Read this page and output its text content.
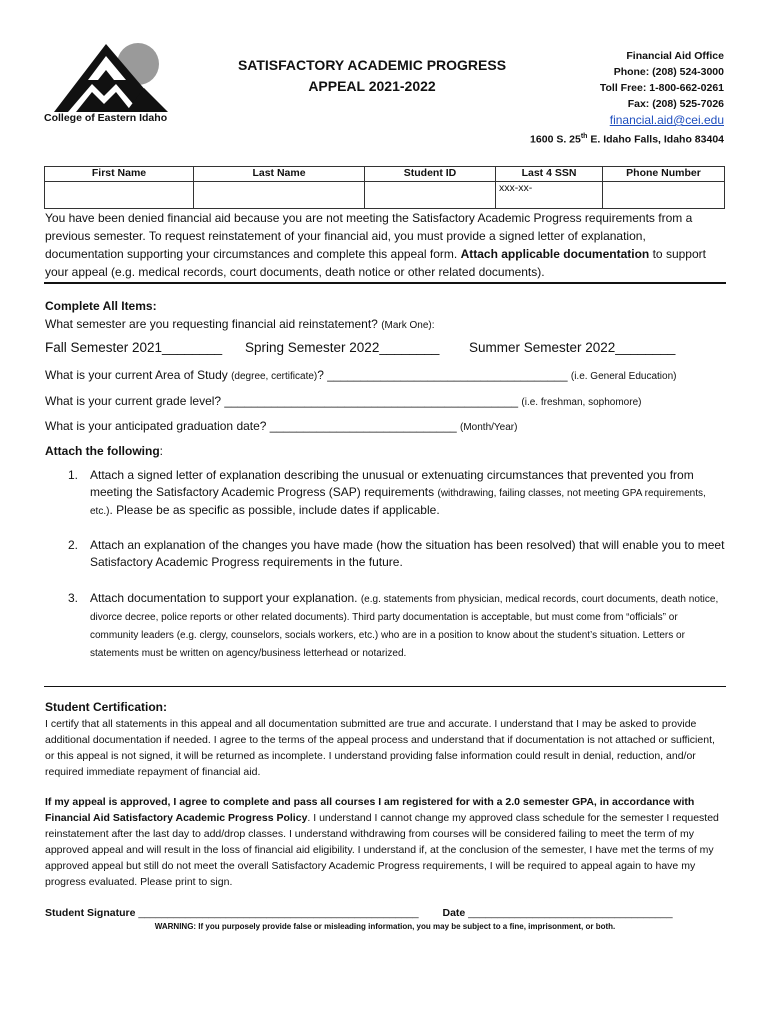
College of Eastern Idaho
SATISFACTORY ACADEMIC PROGRESS
APPEAL 2021-2022
Financial Aid Office
Phone: (208) 524-3000
Toll Free: 1-800-662-0261
Fax: (208) 525-7026
financial.aid@cei.edu
1600 S. 25th E. Idaho Falls, Idaho 83404
First Name	Last Name	Student ID	Last 4 SSN	Phone Number
			xxx-xx-	
You have been denied financial aid because you are not meeting the Satisfactory Academic Progress requirements from a previous semester. To request reinstatement of your financial aid, you must provide a signed letter of explanation, documentation supporting your circumstances and complete this appeal form. Attach applicable documentation to support your appeal (e.g. medical records, court documents, death notice or other related documents).
Complete All Items:
What semester are you requesting financial aid reinstatement? (Mark One):
Fall Semester 2021________ Spring Semester 2022________ Summer Semester 2022________
What is your current Area of Study (degree, certificate)? ____________________________________ (i.e. General Education)
What is your current grade level? ____________________________________________ (i.e. freshman, sophomore)
What is your anticipated graduation date? ____________________________ (Month/Year)
Attach the following:
1. Attach a signed letter of explanation describing the unusual or extenuating circumstances that prevented you from meeting the Satisfactory Academic Progress (SAP) requirements (withdrawing, failing classes, not meeting GPA requirements, etc.). Please be as specific as possible, include dates if applicable.
2. Attach an explanation of the changes you have made (how the situation has been resolved) that will enable you to meet Satisfactory Academic Progress requirements in the future.
3. Attach documentation to support your explanation. (e.g. statements from physician, medical records, court documents, death notice, divorce decree, police reports or other related documents). Third party documentation is acceptable, but must come from “officials” or community leaders (e.g. clergy, counselors, socials workers, etc.) who are in a position to know about the student’s situation. Letters or statements must be written on agency/business letterhead or notarized.
Student Certification:
I certify that all statements in this appeal and all documentation submitted are true and accurate. I understand that I may be asked to provide additional documentation if needed. I agree to the terms of the appeal process and understand that if documentation is not attached or sufficient, or this appeal is not signed, it will be returned as incomplete. I understand providing false information could result in denial, reduction, and/or required immediate repayment of financial aid.
If my appeal is approved, I agree to complete and pass all courses I am registered for with a 2.0 semester GPA, in accordance with Financial Aid Satisfactory Academic Progress Policy. I understand I cannot change my approved class schedule for the semester I requested reinstatement after the last day to add/drop classes. I understand withdrawing from courses will be considered failing to meet the term of my approved appeal and will result in the loss of financial aid eligibility. I understand if, at the conclusion of the semester, I have met the terms of my approved appeal but still do not meet the overall Satisfactory Academic Progress requirements, I will be required to appeal again to have my progress evaluated. Please print to sign.
Student Signature ________________________________________________ Date ___________________________________
WARNING: If you purposely provide false or misleading information, you may be subject to a fine, imprisonment, or both.
